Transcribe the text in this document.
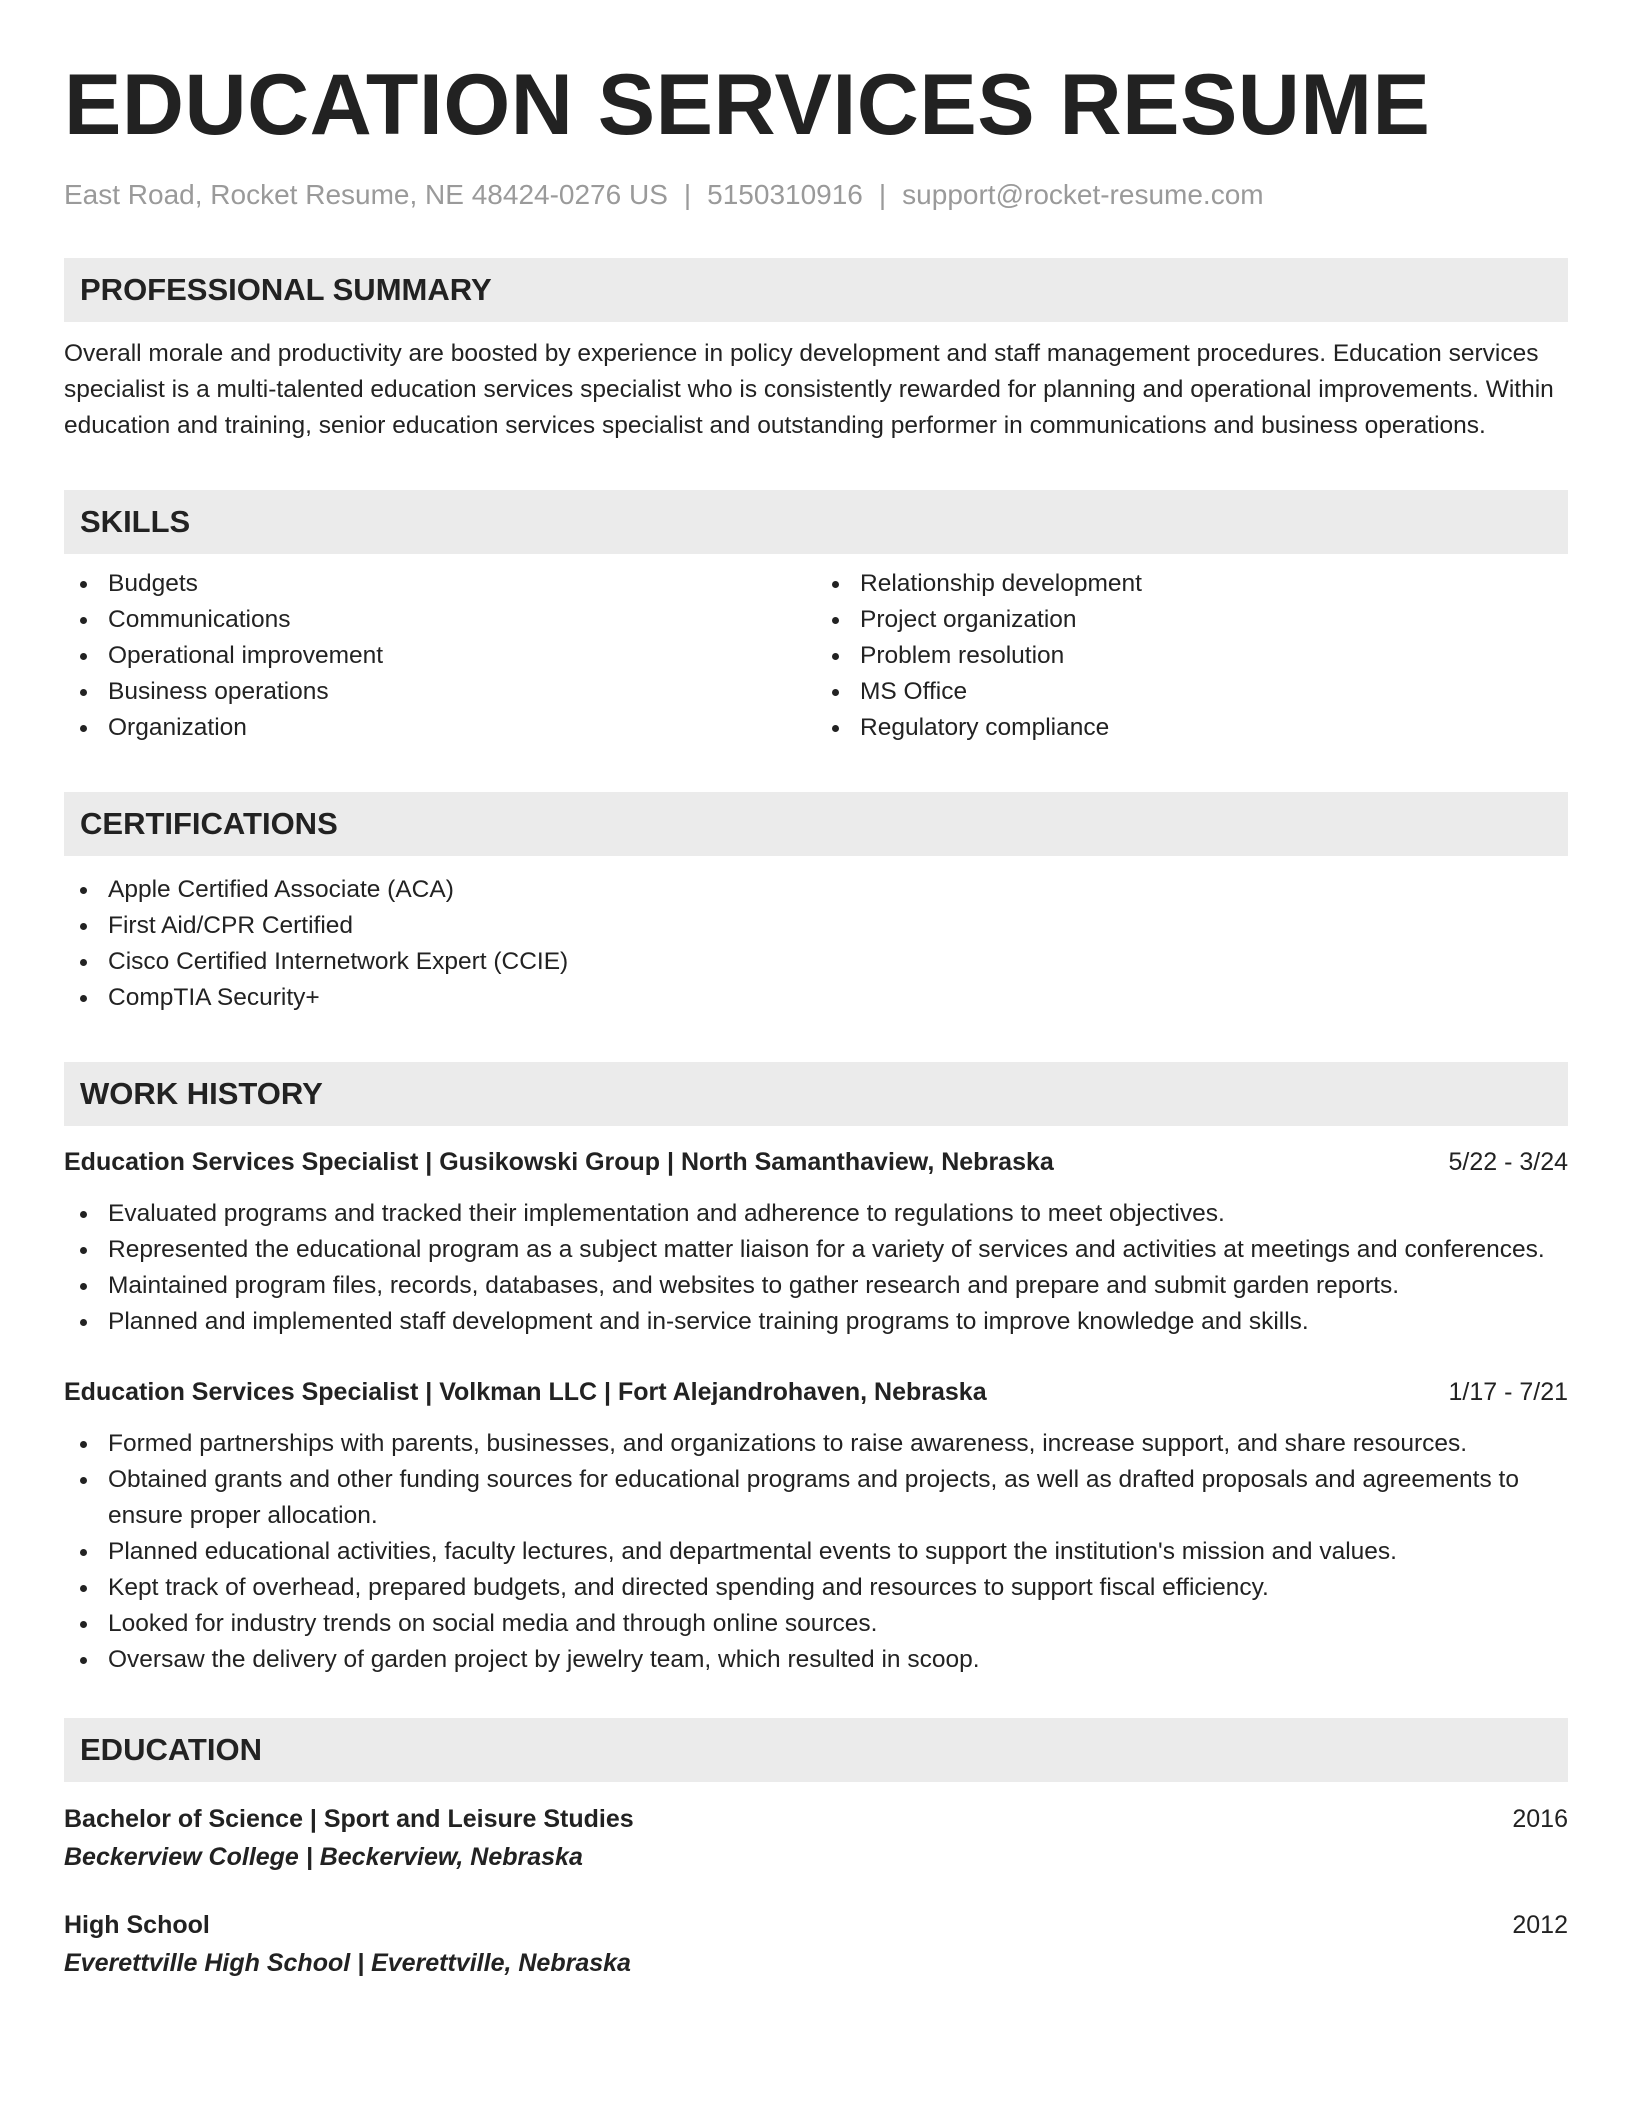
EDUCATION SERVICES RESUME
East Road, Rocket Resume, NE 48424-0276 US | 5150310916 | support@rocket-resume.com
PROFESSIONAL SUMMARY

Overall morale and productivity are boosted by experience in policy development and staff management procedures. Education services specialist is a multi-talented education services specialist who is consistently rewarded for planning and operational improvements. Within education and training, senior education services specialist and outstanding performer in communications and business operations.

SKILLS
Budgets
Communications
Operational improvement
Business operations
Organization
Relationship development
Project organization
Problem resolution
MS Office
Regulatory compliance
CERTIFICATIONS
Apple Certified Associate (ACA)
First Aid/CPR Certified
Cisco Certified Internetwork Expert (CCIE)
CompTIA Security+
WORK HISTORY
Education Services Specialist | Gusikowski Group | North Samanthaview, Nebraska	5/22 - 3/24
Evaluated programs and tracked their implementation and adherence to regulations to meet objectives.
Represented the educational program as a subject matter liaison for a variety of services and activities at meetings and conferences.
Maintained program files, records, databases, and websites to gather research and prepare and submit garden reports.
Planned and implemented staff development and in-service training programs to improve knowledge and skills.
Education Services Specialist | Volkman LLC | Fort Alejandrohaven, Nebraska	1/17 - 7/21
Formed partnerships with parents, businesses, and organizations to raise awareness, increase support, and share resources.
Obtained grants and other funding sources for educational programs and projects, as well as drafted proposals and agreements to ensure proper allocation.
Planned educational activities, faculty lectures, and departmental events to support the institution's mission and values.
Kept track of overhead, prepared budgets, and directed spending and resources to support fiscal efficiency.
Looked for industry trends on social media and through online sources.
Oversaw the delivery of garden project by jewelry team, which resulted in scoop.
EDUCATION
Bachelor of Science | Sport and Leisure Studies	2016
Beckerview College | Beckerview, Nebraska
High School	2012
Everettville High School | Everettville, Nebraska
